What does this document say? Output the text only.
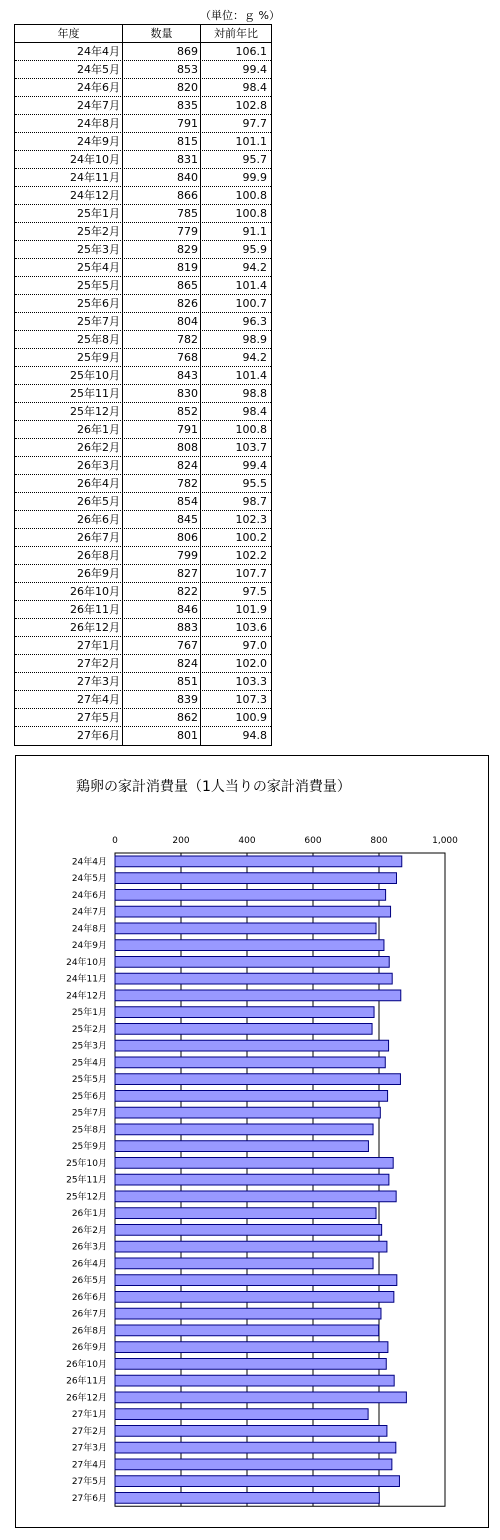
（単位：ｇ %）
年度	数量	対前年比
24年4月	869	106.1
24年5月	853	99.4
24年6月	820	98.4
24年7月	835	102.8
24年8月	791	97.7
24年9月	815	101.1
24年10月	831	95.7
24年11月	840	99.9
24年12月	866	100.8
25年1月	785	100.8
25年2月	779	91.1
25年3月	829	95.9
25年4月	819	94.2
25年5月	865	101.4
25年6月	826	100.7
25年7月	804	96.3
25年8月	782	98.9
25年9月	768	94.2
25年10月	843	101.4
25年11月	830	98.8
25年12月	852	98.4
26年1月	791	100.8
26年2月	808	103.7
26年3月	824	99.4
26年4月	782	95.5
26年5月	854	98.7
26年6月	845	102.3
26年7月	806	100.2
26年8月	799	102.2
26年9月	827	107.7
26年10月	822	97.5
26年11月	846	101.9
26年12月	883	103.6
27年1月	767	97.0
27年2月	824	102.0
27年3月	851	103.3
27年4月	839	107.3
27年5月	862	100.9
27年6月	801	94.8
鶏卵の家計消費量（1人当りの家計消費量）
0	200	400	600	800	1,000
24年4月
24年5月
24年6月
24年7月
24年8月
24年9月
24年10月
24年11月
24年12月
25年1月
25年2月
25年3月
25年4月
25年5月
25年6月
25年7月
25年8月
25年9月
25年10月
25年11月
25年12月
26年1月
26年2月
26年3月
26年4月
26年5月
26年6月
26年7月
26年8月
26年9月
26年10月
26年11月
26年12月
27年1月
27年2月
27年3月
27年4月
27年5月
27年6月
